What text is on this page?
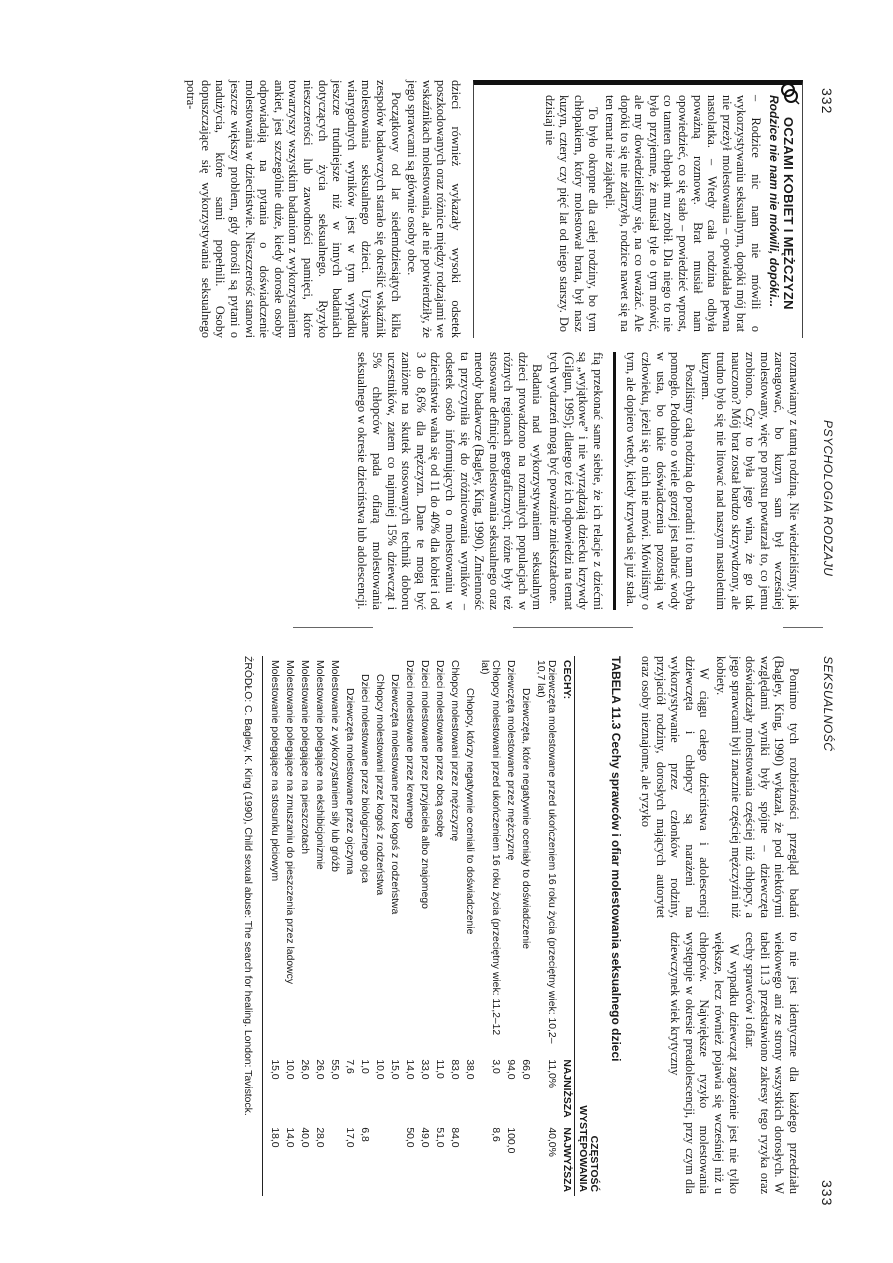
332
PSYCHOLOGIA RODZAJU
OCZAMI KOBIET I MĘŻCZYZN
Rodzice nie nam nie mówili, dopóki...

– Rodzice nic nam nie mówili o wykorzystywaniu seksualnym, dopóki mój brat nie przeżył molestowania – opowiadała pewna nastolatka. – Wtedy cała rodzina odbyła poważną rozmowę. Brat musiał nam opowiedzieć, co się stało – powiedzieć wprost, co tamten chłopak mu zrobił. Dla niego to nie było przyjemne, że musiał tyle o tym mówić, ale my dowiedzieliśmy się, na co uważać. Ale dopóki to się nie zdarzyło, rodzice nawet się na ten temat nie zająknęli.

To było okropne dla całej rodziny, bo tym chłopakiem, który molestował brata, był nasz kuzyn, cztery czy pięć lat od niego starszy. Do dzisiaj nie

dzieci również wykazały wysoki odsetek poszkodowanych oraz różnice między rodzajami we wskaźnikach molestowania, ale nie potwierdziły, że jego sprawcami są głównie osoby obce.

Początkowy od lat siedemdziesiątych kilka zespołów badawczych starało się określić wskaźnik molestowania seksualnego dzieci. Uzyskane wiarygodnych wyników jest w tym wypadku jeszcze trudniejsze niż w innych badaniach dotyczących życia seksualnego. Ryzyko nieszczerości lub zawodności pamięci, które towarzyszy wszystkim badaniom z wykorzystaniem ankiet, jest szczególnie duże, kiedy dorosłe osoby odpowiadają na pytania o doświadczenie molestowania w dzieciństwie. Nieszczerość stanowi jeszcze większy problem, gdy dorośli są pytani o nadużycia, które sami popełnili. Osoby dopuszczające się wykorzystywania seksualnego potra-

rozmawiamy z tamtą rodziną. Nie wiedzieliśmy, jak zareagować, bo kuzyn sam był wcześniej molestowany, więc po prostu powtarzał to, co jemu zrobiono. Czy to była jego wina, że go tak nauczono? Mój brat został bardzo skrzywdzony, ale trudno było się nie litować nad naszym nastoletnim kuzynem.

Poszliśmy całą rodziną do poradni i to nam chyba pomogło. Podobno o wiele gorzej jest nabrać wody w usta, bo takie doświadczenia pozostają w człowieku, jeżeli się o nich nie mówi. Mówiliśmy o tym, ale dopiero wtedy, kiedy krzywda się już stała.

fią przekonać same siebie, że ich relacje z dziećmi są „wyjątkowe” i nie wyrządzają dziecku krzywdy (Gilgun, 1995); dlatego też ich odpowiedzi na temat tych wydarzeń mogą być poważnie zniekształcone.

Badania nad wykorzystywaniem seksualnym dzieci prowadzono na rozmaitych populacjach w różnych regionach geograficznych; różne były też stosowane definicje molestowania seksualnego oraz metody badawcze (Bagley, King, 1990). Zmienność ta przyczyniła się do zróżnicowania wyników – odsetek osób informujących o molestowaniu w dzieciństwie waha się od 11 do 40% dla kobiet i od 3 do 8,6% dla mężczyzn. Dane te mogą być zaniżone na skutek stosowanych technik doboru uczestników, zatem co najmniej 15% dziewcząt i 5% chłopców pada ofiarą molestowania seksualnego w okresie dzieciństwa lub adolescencji.

SEKSUALNOŚĆ
333

Pomimo tych rozbieżności przegląd badań (Bagley, King, 1990) wykazał, że pod niektórymi względami wyniki były spójne – dziewczęta doświadczały molestowania częściej niż chłopcy, a jego sprawcami byli znacznie częściej mężczyźni niż kobiety.

W ciągu całego dzieciństwa i adolescencji dziewczęta i chłopcy są narażeni na wykorzystywanie przez członków rodziny, przyjaciół rodziny, dorosłych mających autorytet oraz osoby nieznajome, ale ryzyko

to nie jest identyczne dla każdego przedziału wiekowego ani ze strony wszystkich dorosłych. W tabeli 11.3 przedstawiono zakresy tego ryzyka oraz cechy sprawców i ofiar.

W wypadku dziewcząt zagrożenie jest nie tylko większe, lecz również pojawia się wcześniej niż u chłopców. Największe ryzyko molestowania występuje w okresie preadolescencji, przy czym dla dziewczynek wiek krytyczny

TABELA 11.3 Cechy sprawców i ofiar molestowania seksualnego dzieci
	CZĘSTOŚĆ WYSTĘPOWANIA	
CECHY:	NAJNIŻSZA	NAJWYŻSZA
Dziewczęta molestowane przed ukończeniem 16 roku życia (przeciętny wiek: 10,2–10,7 lat)	11,0%	40,0%
Dziewczęta, które negatywnie oceniały to doświadczenie	66,0	
Dziewczęta molestowane przez mężczyznę	94,0	100,0
Chłopcy molestowani przed ukończeniem 16 roku życia (przeciętny wiek: 11,2–12 lat)	3,0	8,6
Chłopcy, którzy negatywnie oceniali to doświadczenie	38,0	
Chłopcy molestowani przez mężczyznę	83,0	84,0
Dzieci molestowane przez obcą osobę	11,0	51,0
Dzieci molestowane przez przyjaciela albo znajomego	33,0	49,0
Dzieci molestowane przez krewnego	14,0	50,0
Dziewczęta molestowane przez kogoś z rodzeństwa	15,0	
Chłopcy molestowani przez kogoś z rodzeństwa	10,0	
Dzieci molestowane przez biologicznego ojca	1,0	6,8
Dziewczęta molestowane przez ojczyma	7,6	17,0
Molestowanie z wykorzystaniem siły lub gróźb	55,0	
Molestowanie polegające na ekshibicjonizmie	26,0	28,0
Molestowanie polegające na pieszczotach	26,0	40,0
Molestowanie polegające na zmuszaniu do pieszczenia przez ladowcy	10,0	14,0
Molestowanie polegające na stosunku płciowym	15,0	18,0
ŹRÓDŁO: C. Bagley, K. King (1990), Child sexual abuse: The search for healing. London: Tavistock.
